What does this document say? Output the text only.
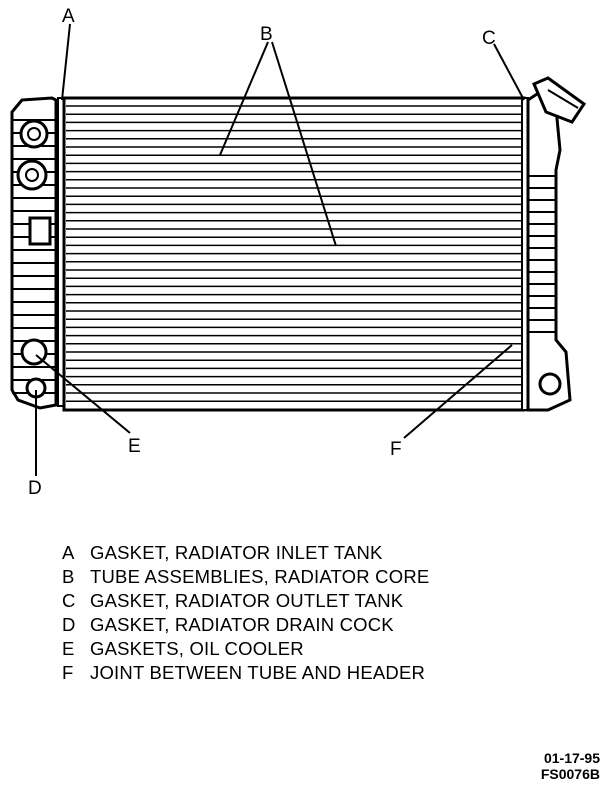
A
B	C
D
E	F
A GASKET, RADIATOR INLET TANK
B TUBE ASSEMBLIES, RADIATOR CORE
C GASKET, RADIATOR OUTLET TANK
D GASKET, RADIATOR DRAIN COCK
E GASKETS, OIL COOLER
F JOINT BETWEEN TUBE AND HEADER
01-17-95
FS0076B
